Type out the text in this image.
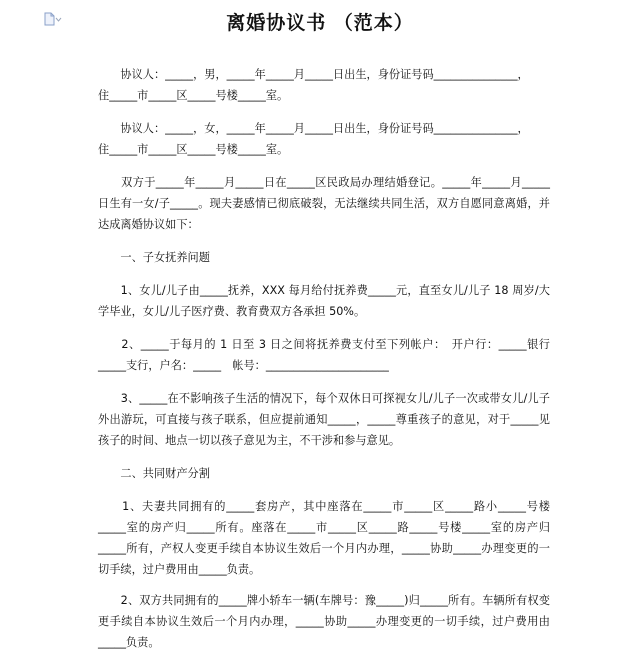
离婚协议书 （范本）

　　协议人：_____，男，_____年_____月_____日出生，身份证号码_______________，

住_____市_____区_____号楼_____室。

　　协议人：_____，女，_____年_____月_____日出生，身份证号码_______________，

住_____市_____区_____号楼_____室。

　　双方于_____年_____月_____日在_____区民政局办理结婚登记。_____年_____月_____日生有一女/子_____。现夫妻感情已彻底破裂，无法继续共同生活，双方自愿同意离婚，并达成离婚协议如下：

　　一、子女抚养问题

　　1、女儿/儿子由_____抚养，XXX 每月给付抚养费_____元，直至女儿/儿子 18 周岁/大学毕业，女儿/儿子医疗费、教育费双方各承担 50%。

　　2、_____于每月的 1 日至 3 日之间将抚养费支付至下列帐户：　开户行：_____银行_____支行，户名：_____　帐号：______________________

　　3、_____在不影响孩子生活的情况下，每个双休日可探视女儿/儿子一次或带女儿/儿子外出游玩，可直接与孩子联系，但应提前通知_____，_____尊重孩子的意见，对于_____见孩子的时间、地点一切以孩子意见为主，不干涉和参与意见。

　　二、共同财产分割

　　1、夫妻共同拥有的_____套房产，其中座落在_____市_____区_____路小_____号楼_____室的房产归_____所有。座落在_____市_____区_____路_____号楼_____室的房产归_____所有，产权人变更手续自本协议生效后一个月内办理，_____协助_____办理变更的一切手续，过户费用由_____负责。

　　2、双方共同拥有的_____牌小轿车一辆(车牌号：豫_____)归_____所有。车辆所有权变更手续自本协议生效后一个月内办理，_____协助_____办理变更的一切手续，过户费用由_____负责。
